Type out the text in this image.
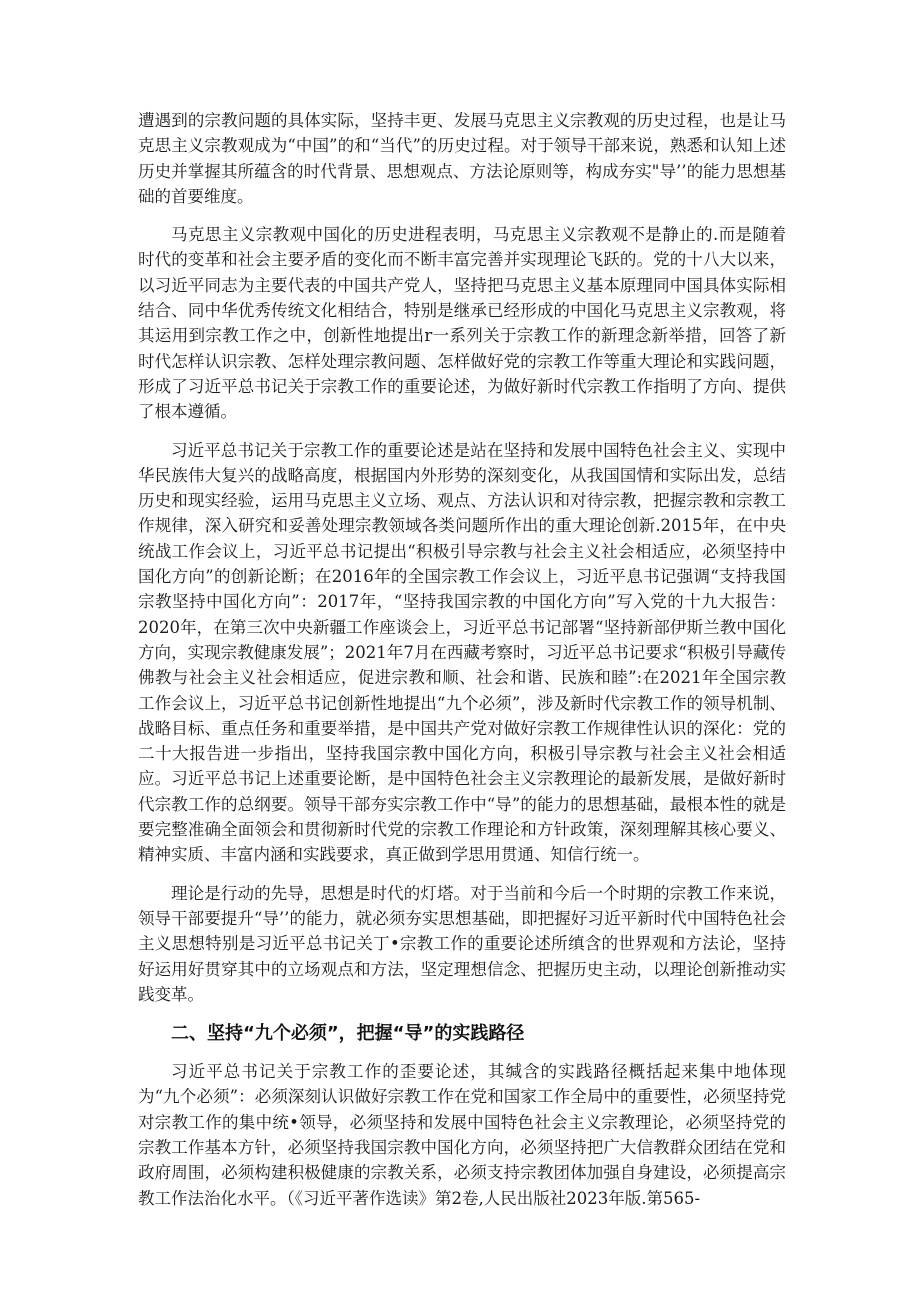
遭遇到的宗教问题的具体实际，坚持丰更、发展马克思主义宗教观的历史过程，也是让马克思主义宗教观成为“中国”的和“当代”的历史过程。对于领导干部来说，熟悉和认知上述历史并掌握其所蕴含的时代背景、思想观点、方法论原则等，构成夯实"导’’的能力思想基础的首要维度。

马克思主义宗教观中国化的历史进程表明，马克思主义宗教观不是静止的.而是随着时代的变革和社会主要矛盾的变化而不断丰富完善并实现理论飞跃的。党的十八大以来，以习近平同志为主要代表的中国共产党人，坚持把马克思主义基本原理同中国具体实际相结合、同中华优秀传统文化相结合，特别是继承已经形成的中国化马克思主义宗教观，将其运用到宗教工作之中，创新性地提出r一系列关于宗教工作的新理念新举措，回答了新时代怎样认识宗教、怎样处理宗教问题、怎样做好党的宗教工作等重大理论和实践问题，形成了习近平总书记关于宗教工作的重要论述，为做好新时代宗教工作指明了方向、提供了根本遵循。

习近平总书记关于宗教工作的重要论述是站在坚持和发展中国特色社会主义、实现中华民族伟大复兴的战略高度，根据国内外形势的深刻变化，从我国国情和实际出发，总结历史和现实经验，运用马克思主义立场、观点、方法认识和对待宗教，把握宗教和宗教工作规律，深入研究和妥善处理宗教领域各类问题所作出的重大理论创新.2015年，在中央统战工作会议上，习近平总书记提出“积极引导宗教与社会主义社会相适应，必须坚持中国化方向”的创新论断；在2016年的全国宗教工作会议上，习近平息书记强调“支持我国宗教坚持中国化方向”：2017年，“坚持我国宗教的中国化方向”写入党的十九大报告：2020年，在第三次中央新疆工作座谈会上，习近平总书记部署“坚持新部伊斯兰教中国化方向，实现宗教健康发展”；2021年7月在西藏考察时，习近平总书记要求“积极引导藏传佛教与社会主义社会相适应，促进宗教和顺、社会和谐、民族和睦”:在2021年全国宗教工作会议上，习近平总书记创新性地提出“九个必须”，涉及新时代宗教工作的领导机制、战略目标、重点任务和重要举措，是中国共产党对做好宗教工作规律性认识的深化：党的二十大报告进一步指出，坚持我国宗教中国化方向，积极引导宗教与社会主义社会相适应。习近平总书记上述重要论断，是中国特色社会主义宗教理论的最新发展，是做好新时代宗教工作的总纲要。领导干部夯实宗教工作中“导”的能力的思想基础，最根本性的就是要完整准确全面领会和贯彻新时代党的宗教工作理论和方针政策，深刻理解其核心要义、精神实质、丰富内涵和实践要求，真正做到学思用贯通、知信行统一。

理论是行动的先导，思想是时代的灯塔。对于当前和今后一个时期的宗教工作来说，领导干部要提升“导’’的能力，就必须夯实思想基础，即把握好习近平新时代中国特色社会主义思想特别是习近平总书记关丁•宗教工作的重要论述所缜含的世界观和方法论，坚持好运用好贯穿其中的立场观点和方法，坚定理想信念、把握历史主动，以理论创新推动实践变革。

二、坚持“九个必须”，把握“导”的实践路径

习近平总书记关于宗教工作的歪要论述，其缄含的实践路径概括起来集中地体现为“九个必须”：必须深刻认识做好宗教工作在党和国家工作全局中的重要性，必须坚持党对宗教工作的集中统•领导，必须坚持和发展中国特色社会主义宗教理论，必须坚持党的宗教工作基本方针，必须坚持我国宗教中国化方向，必须坚持把广大信教群众团结在党和政府周围，必须构建积极健康的宗教关系，必须支持宗教团体加强自身建设，必须提高宗教工作法治化水平。（《习近平著作选读》第2卷,人民出版社2023年版.第565-
